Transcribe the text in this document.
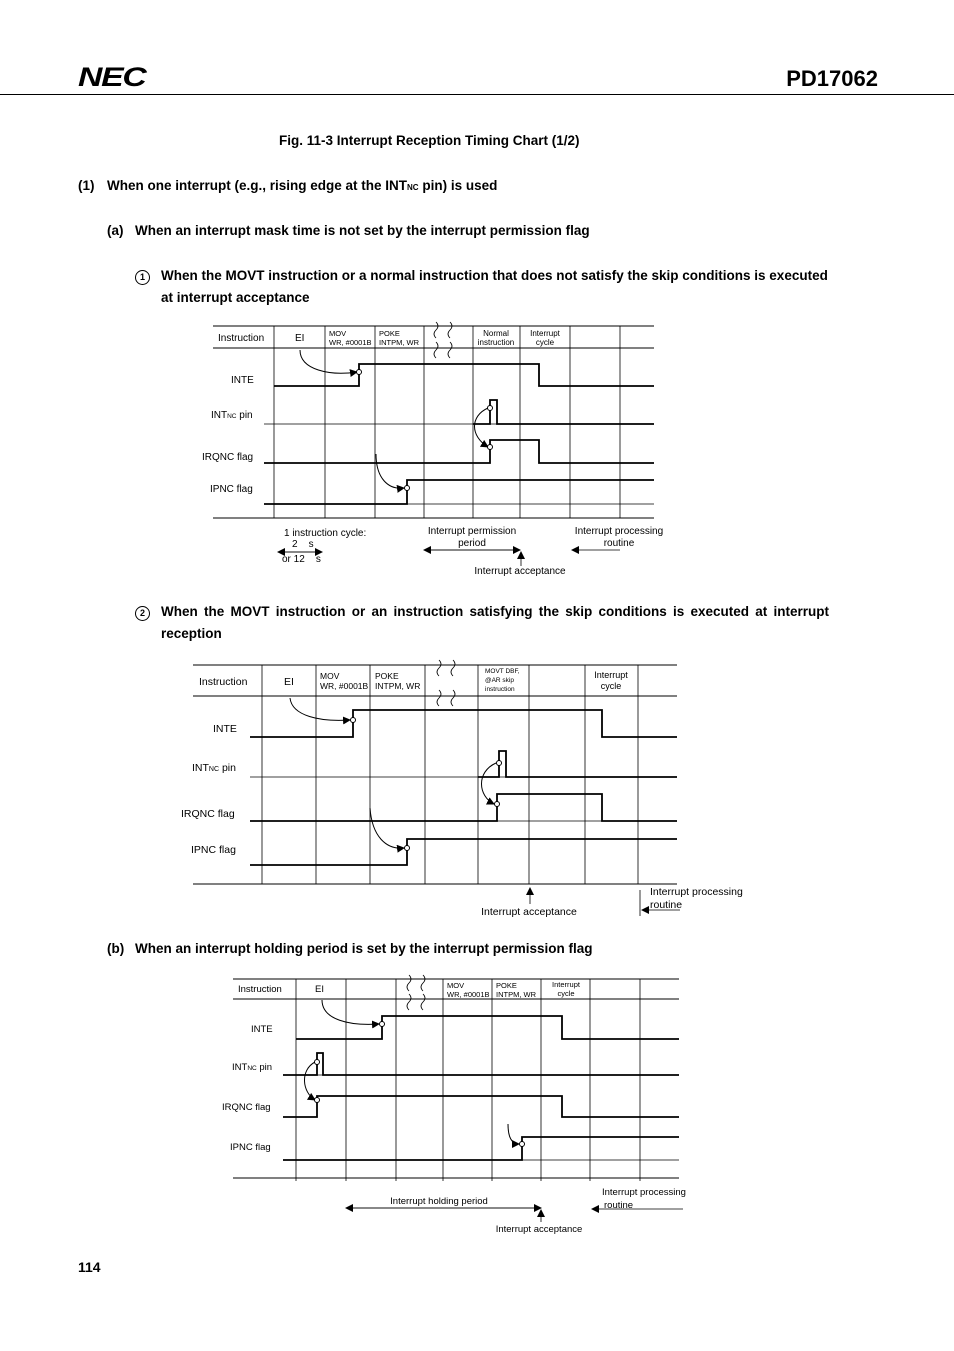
NEC	PD17062
Fig. 11-3 Interrupt Reception Timing Chart (1/2)
(1) When one interrupt (e.g., rising edge at the INTNC pin) is used
(a) When an interrupt mask time is not set by the interrupt permission flag
1	When the MOVT instruction or a normal instruction that does not satisfy the skip conditions is executed at interrupt acceptance
2	When the MOVT instruction or an instruction satisfying the skip conditions is executed at interrupt reception
(b) When an interrupt holding period is set by the interrupt permission flag
Instruction	EI	MOV
WR, #0001B
POKE
INTPM, WR
Normal
instruction
Interrupt
cycle
INTE
INTNC pin
IRQNC flag
IPNC flag
1 instruction cycle:
2    s
or 12    s
Interrupt permission
period
Interrupt processing
routine
Interrupt acceptance
Instruction	EI	MOV
WR, #0001B
POKE
INTPM, WR
MOVT DBF,
@AR skip
instruction
Interrupt
cycle
INTE
INTNC pin
IRQNC flag
IPNC flag
Interrupt processing
routine
Interrupt acceptance
Instruction	EI	MOV
WR, #0001B
POKE
INTPM, WR
Interrupt
cycle
INTE
INTNC pin
IRQNC flag
IPNC flag
Interrupt holding period
Interrupt processing
routine
Interrupt acceptance
114
